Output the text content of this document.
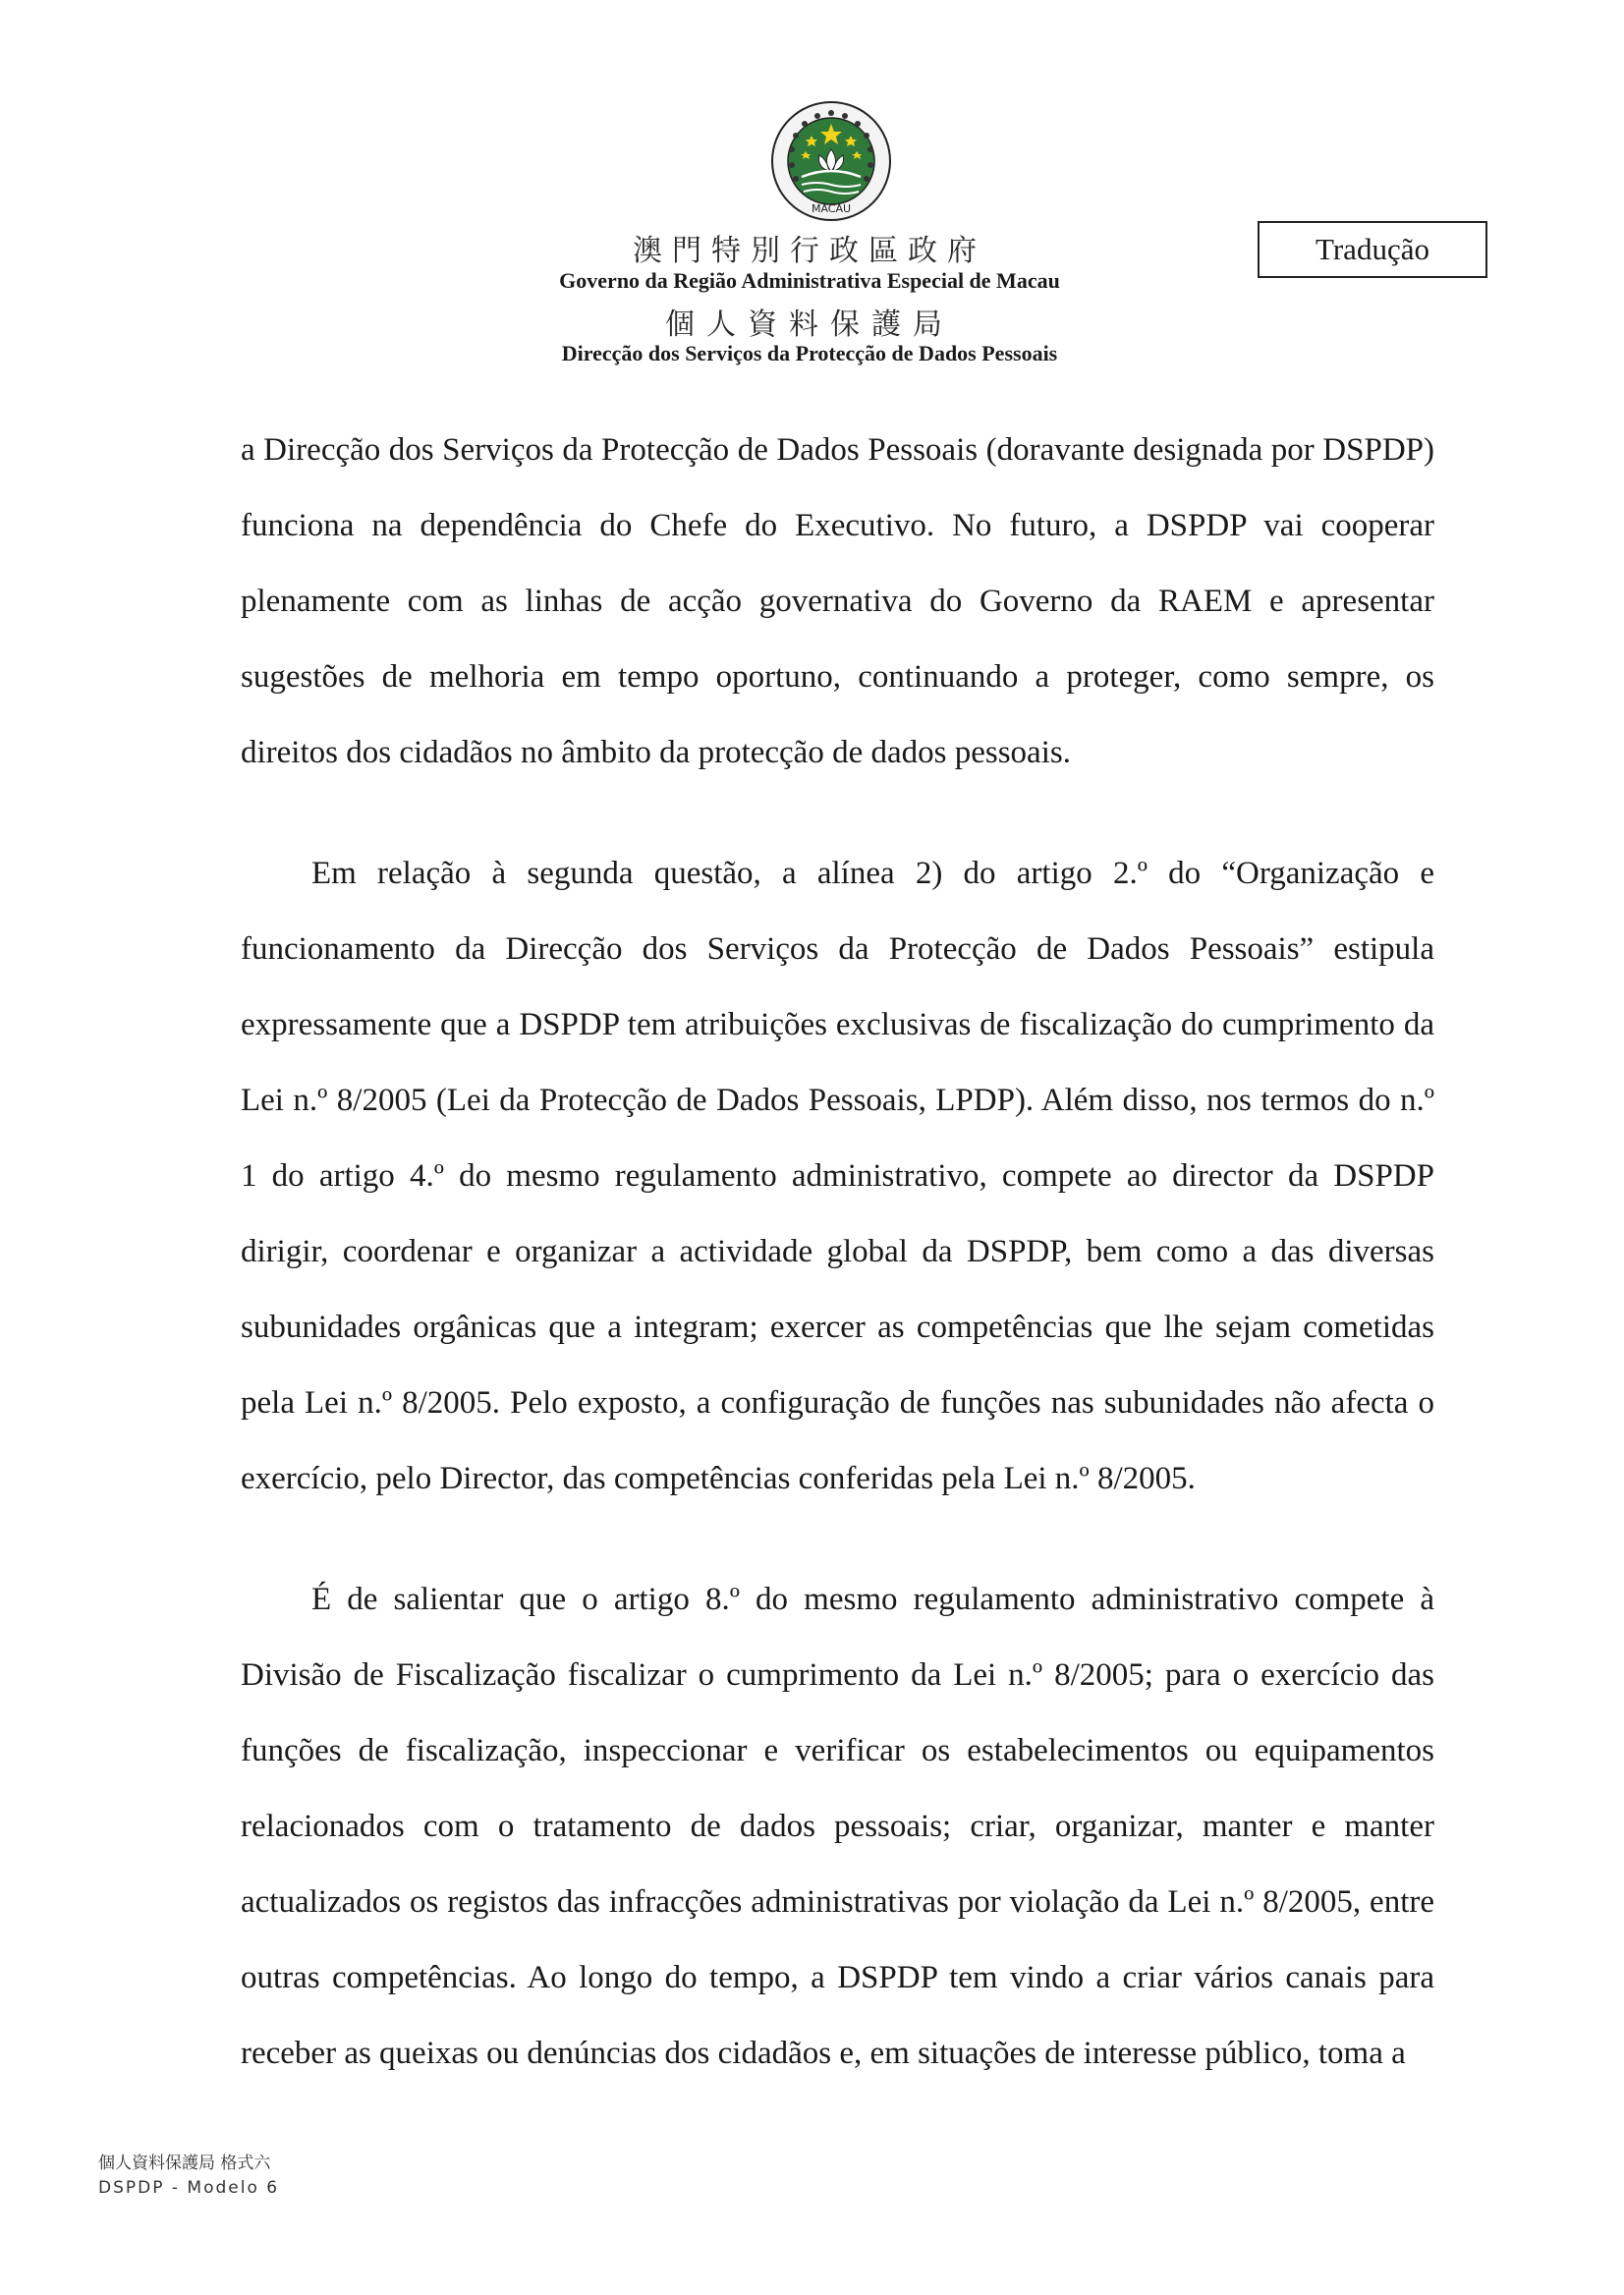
MACAU
澳門特別行政區政府
Governo da Região Administrativa Especial de Macau
個人資料保護局
Direcção dos Serviços da Protecção de Dados Pessoais
Tradução

a Direcção dos Serviços da Protecção de Dados Pessoais (doravante designada por DSPDP) funciona na dependência do Chefe do Executivo. No futuro, a DSPDP vai cooperar plenamente com as linhas de acção governativa do Governo da RAEM e apresentar sugestões de melhoria em tempo oportuno, continuando a proteger, como sempre, os direitos dos cidadãos no âmbito da protecção de dados pessoais.

Em relação à segunda questão, a alínea 2) do artigo 2.º do “Organização e funcionamento da Direcção dos Serviços da Protecção de Dados Pessoais” estipula expressamente que a DSPDP tem atribuições exclusivas de fiscalização do cumprimento da Lei n.º 8/2005 (Lei da Protecção de Dados Pessoais, LPDP). Além disso, nos termos do n.º 1 do artigo 4.º do mesmo regulamento administrativo, compete ao director da DSPDP dirigir, coordenar e organizar a actividade global da DSPDP, bem como a das diversas subunidades orgânicas que a integram; exercer as competências que lhe sejam cometidas pela Lei n.º 8/2005. Pelo exposto, a configuração de funções nas subunidades não afecta o exercício, pelo Director, das competências conferidas pela Lei n.º 8/2005.

É de salientar que o artigo 8.º do mesmo regulamento administrativo compete à Divisão de Fiscalização fiscalizar o cumprimento da Lei n.º 8/2005; para o exercício das funções de fiscalização, inspeccionar e verificar os estabelecimentos ou equipamentos relacionados com o tratamento de dados pessoais; criar, organizar, manter e manter actualizados os registos das infracções administrativas por violação da Lei n.º 8/2005, entre outras competências. Ao longo do tempo, a DSPDP tem vindo a criar vários canais para receber as queixas ou denúncias dos cidadãos e, em situações de interesse público, toma a

個人資料保護局 格式六
DSPDP - Modelo 6
